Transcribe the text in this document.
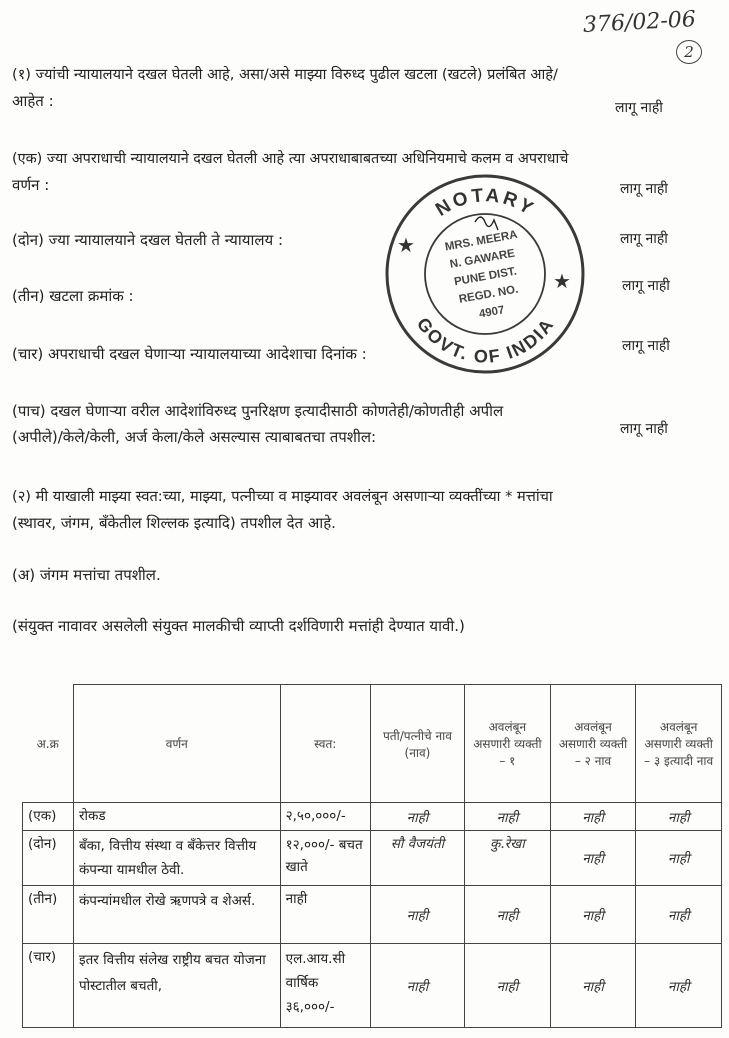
376/02-06
2
(१) ज्यांची न्यायालयाने दखल घेतली आहे, असा/असे माझ्या विरुध्द पुढील खटला (खटले) प्रलंबित आहे/
आहेत :	लागू नाही
(एक) ज्या अपराधाची न्यायालयाने दखल घेतली आहे त्या अपराधाबाबतच्या अधिनियमाचे कलम व अपराधाचे
वर्णन :	लागू नाही
(दोन) ज्या न्यायालयाने दखल घेतली ते न्यायालय :	लागू नाही
(तीन) खटला क्रमांक :
लागू नाही
(चार) अपराधाची दखल घेणाऱ्या न्यायालयाच्या आदेशाचा दिनांक :	लागू नाही
(पाच) दखल घेणाऱ्या वरील आदेशांविरुध्द पुनरिक्षण इत्यादीसाठी कोणतेही/कोणतीही अपील
(अपीले)/केले/केली, अर्ज केला/केले असल्यास त्याबाबतचा तपशील:	लागू नाही
(२) मी याखाली माझ्या स्वत:च्या, माझ्या, पत्नीच्या व माझ्यावर अवलंबून असणाऱ्या व्यक्तींच्या * मत्तांचा
(स्थावर, जंगम, बँकेतील शिल्लक इत्यादि) तपशील देत आहे.
(अ) जंगम मत्तांचा तपशील.
(संयुक्त नावावर असलेली संयुक्त मालकीची व्याप्ती दर्शविणारी मत्तांही देण्यात यावी.)
NOTARY
GOVT. OF INDIA
★
★
MRS. MEERA
N. GAWARE
PUNE DIST.
REGD. NO.
4907
अ.क्र	वर्णन	स्वत:	पती/पत्नीचे नाव (नाव)	अवलंबून असणारी व्यक्ती – १	अवलंबून असणारी व्यक्ती – २ नाव	अवलंबून असणारी व्यक्ती – ३ इत्यादी नाव
(एक)	रोकड	२,५०,०००/-	नाही	नाही	नाही	नाही
(दोन)	बँका, वित्तीय संस्था व बँकेत्तर वित्तीय कंपन्या यामधील ठेवी.	१२,०००/- बचत खाते	सौ वैजयंती	कु.रेखा	नाही	नाही
(तीन)	कंपन्यांमधील रोखे ऋणपत्रे व शेअर्स.	नाही	नाही	नाही	नाही	नाही
(चार)	इतर वित्तीय संलेख राष्ट्रीय बचत योजना पोस्टातील बचती,	एल.आय.सी वार्षिक ३६,०००/-	नाही	नाही	नाही	नाही
